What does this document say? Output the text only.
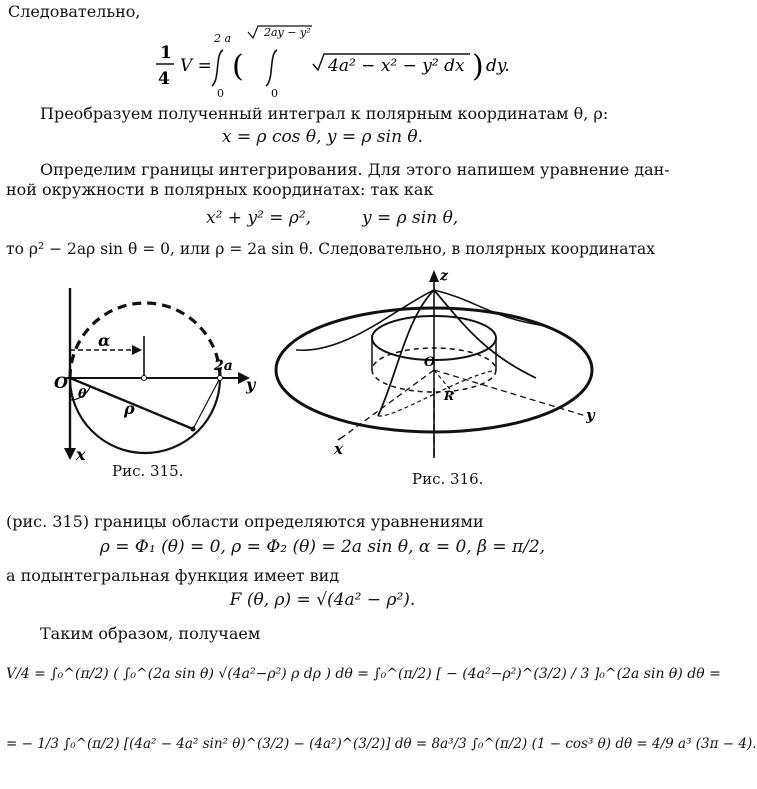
Следовательно,
1
4
V =
2 a
0
(
2ay − y²
0
4a² − x² − y² dx ) dy.
Преобразуем полученный интеграл к полярным координатам θ, ρ:
x = ρ cos θ, y = ρ sin θ.
Определим границы интегрирования. Для этого напишем уравнение дан-
ной окружности в полярных координатах: так как
x² + y² = ρ²,	y = ρ sin θ,
то ρ² − 2aρ sin θ = 0, или ρ = 2a sin θ. Следовательно, в полярных координатах
α
2a
O	y
θ
ρ
x
Рис. 315.
z
O
R
x
y
Рис. 316.
(рис. 315) границы области определяются уравнениями
ρ = Φ₁ (θ) = 0, ρ = Φ₂ (θ) = 2a sin θ, α = 0, β = π/2,
а подынтегральная функция имеет вид
F (θ, ρ) = √(4a² − ρ²).
Таким образом, получаем
V/4 = ∫₀^(π/2) ( ∫₀^(2a sin θ) √(4a²−ρ²) ρ dρ ) dθ = ∫₀^(π/2) [ − (4a²−ρ²)^(3/2) / 3 ]₀^(2a sin θ) dθ =
= − 1/3 ∫₀^(π/2) [(4a² − 4a² sin² θ)^(3/2) − (4a²)^(3/2)] dθ = 8a³/3 ∫₀^(π/2) (1 − cos³ θ) dθ = 4/9 a³ (3π − 4).
